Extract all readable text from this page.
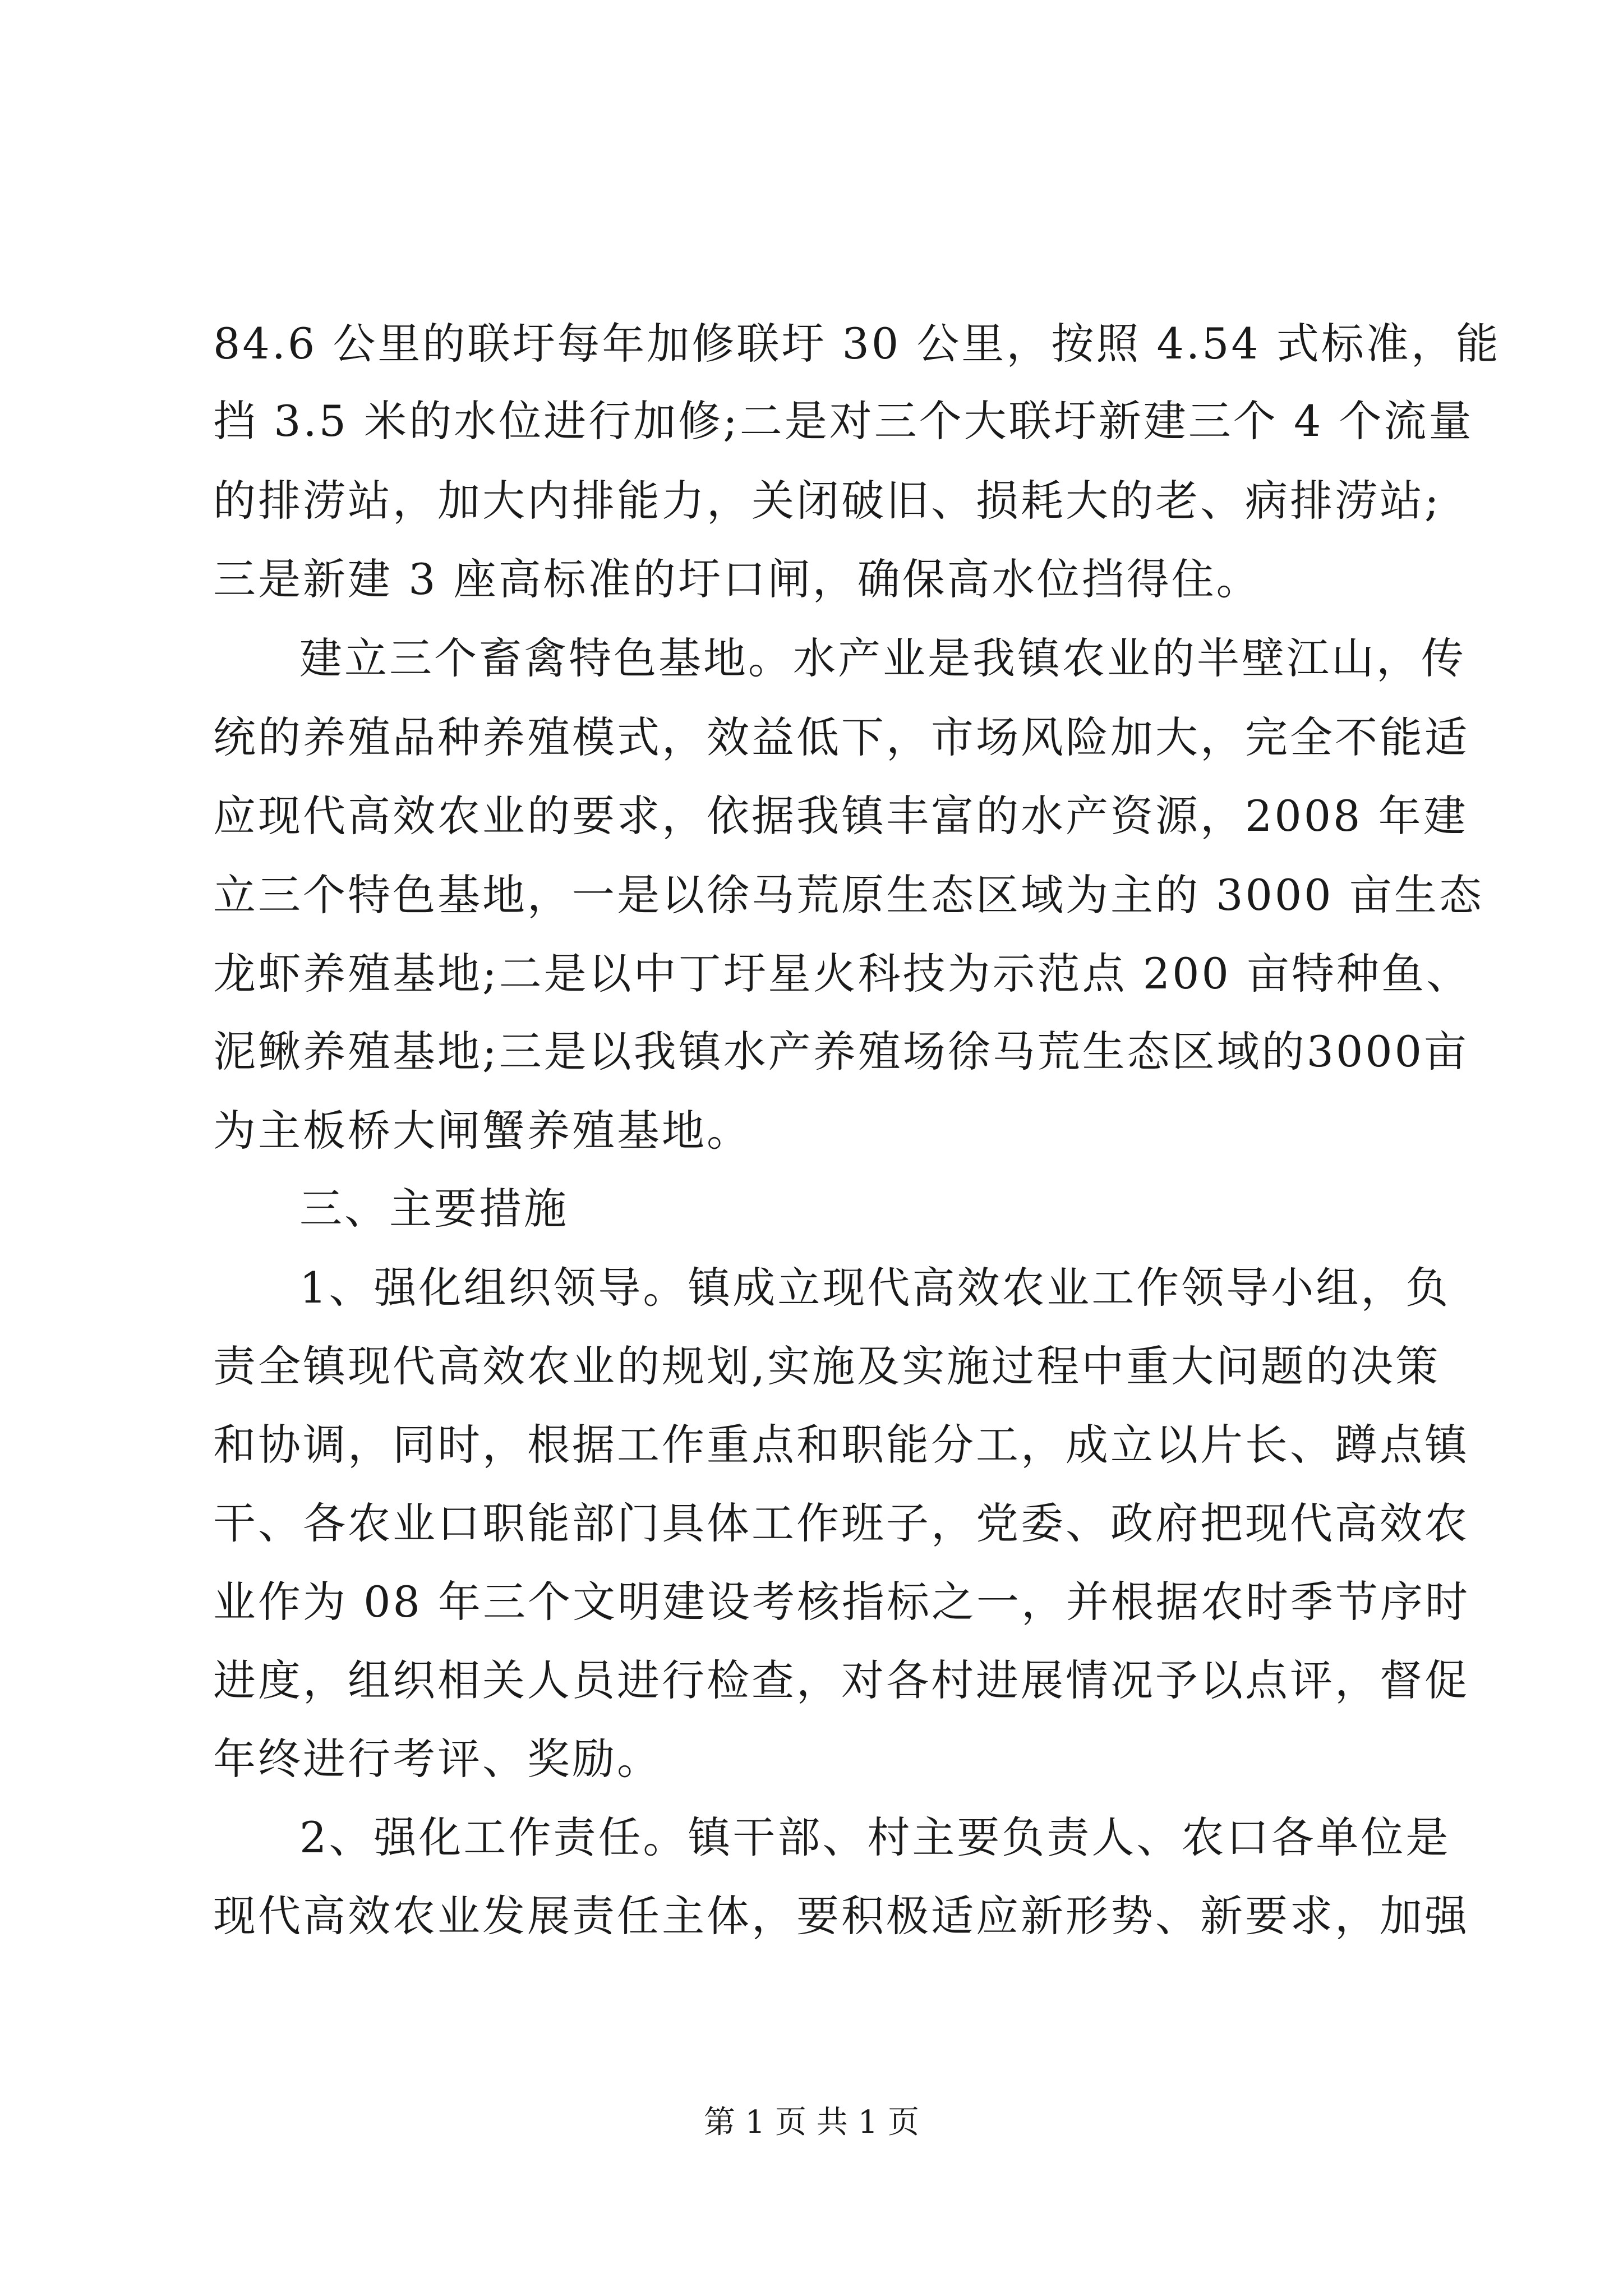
84.6 公里的联圩每年加修联圩 30 公里，按照 4.54 式标准，能
挡 3.5 米的水位进行加修;二是对三个大联圩新建三个 4 个流量
的排涝站，加大内排能力，关闭破旧、损耗大的老、病排涝站;
三是新建 3 座高标准的圩口闸，确保高水位挡得住。
建立三个畜禽特色基地。水产业是我镇农业的半壁江山，传
统的养殖品种养殖模式，效益低下，市场风险加大，完全不能适
应现代高效农业的要求，依据我镇丰富的水产资源，2008 年建
立三个特色基地，一是以徐马荒原生态区域为主的 3000 亩生态
龙虾养殖基地;二是以中丁圩星火科技为示范点 200 亩特种鱼、
泥鳅养殖基地;三是以我镇水产养殖场徐马荒生态区域的3000亩
为主板桥大闸蟹养殖基地。
三、主要措施
1、强化组织领导。镇成立现代高效农业工作领导小组，负
责全镇现代高效农业的规划,实施及实施过程中重大问题的决策
和协调，同时，根据工作重点和职能分工，成立以片长、蹲点镇
干、各农业口职能部门具体工作班子，党委、政府把现代高效农
业作为 08 年三个文明建设考核指标之一，并根据农时季节序时
进度，组织相关人员进行检查，对各村进展情况予以点评，督促
年终进行考评、奖励。
2、强化工作责任。镇干部、村主要负责人、农口各单位是
现代高效农业发展责任主体，要积极适应新形势、新要求，加强
第 1 页 共 1 页
